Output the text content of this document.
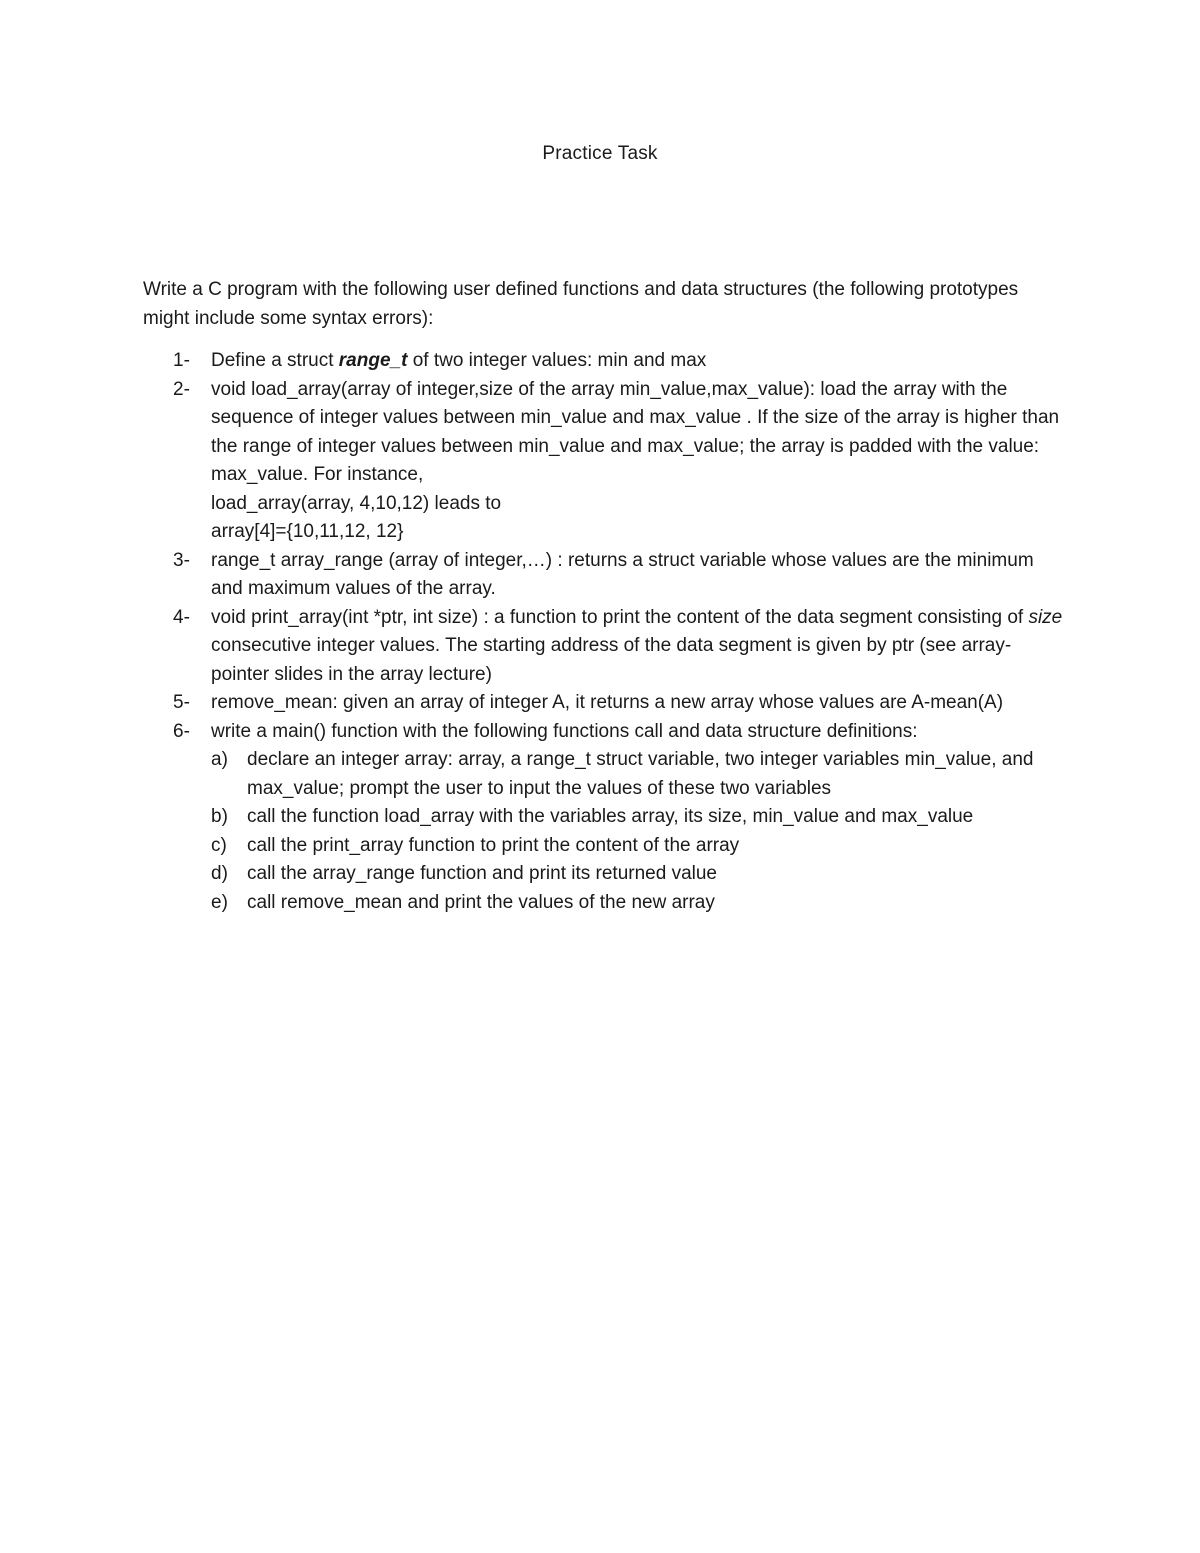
Practice Task
Write a C program with the following user defined functions and data structures (the following prototypes might include some syntax errors):
1- Define a struct range_t of two integer values: min and max

2- void load_array(array of integer,size of the array min_value,max_value): load the array with the sequence of integer values between min_value and max_value . If the size of the array is higher than the range of integer values between min_value and max_value; the array is padded with the value: max_value. For instance,

load_array(array, 4,10,12) leads to

array[4]={10,11,12, 12}

3- range_t array_range (array of integer,…) : returns a struct variable whose values are the minimum and maximum values of the array.

4- void print_array(int *ptr, int size) : a function to print the content of the data segment consisting of size consecutive integer values. The starting address of the data segment is given by ptr (see array- pointer slides in the array lecture)

5- remove_mean: given an array of integer A, it returns a new array whose values are A-mean(A)

6- write a main() function with the following functions call and data structure definitions:

a) declare an integer array: array, a range_t struct variable, two integer variables min_value, and max_value; prompt the user to input the values of these two variables

b) call the function load_array with the variables array, its size, min_value and max_value

c) call the print_array function to print the content of the array

d) call the array_range function and print its returned value

e) call remove_mean and print the values of the new array
